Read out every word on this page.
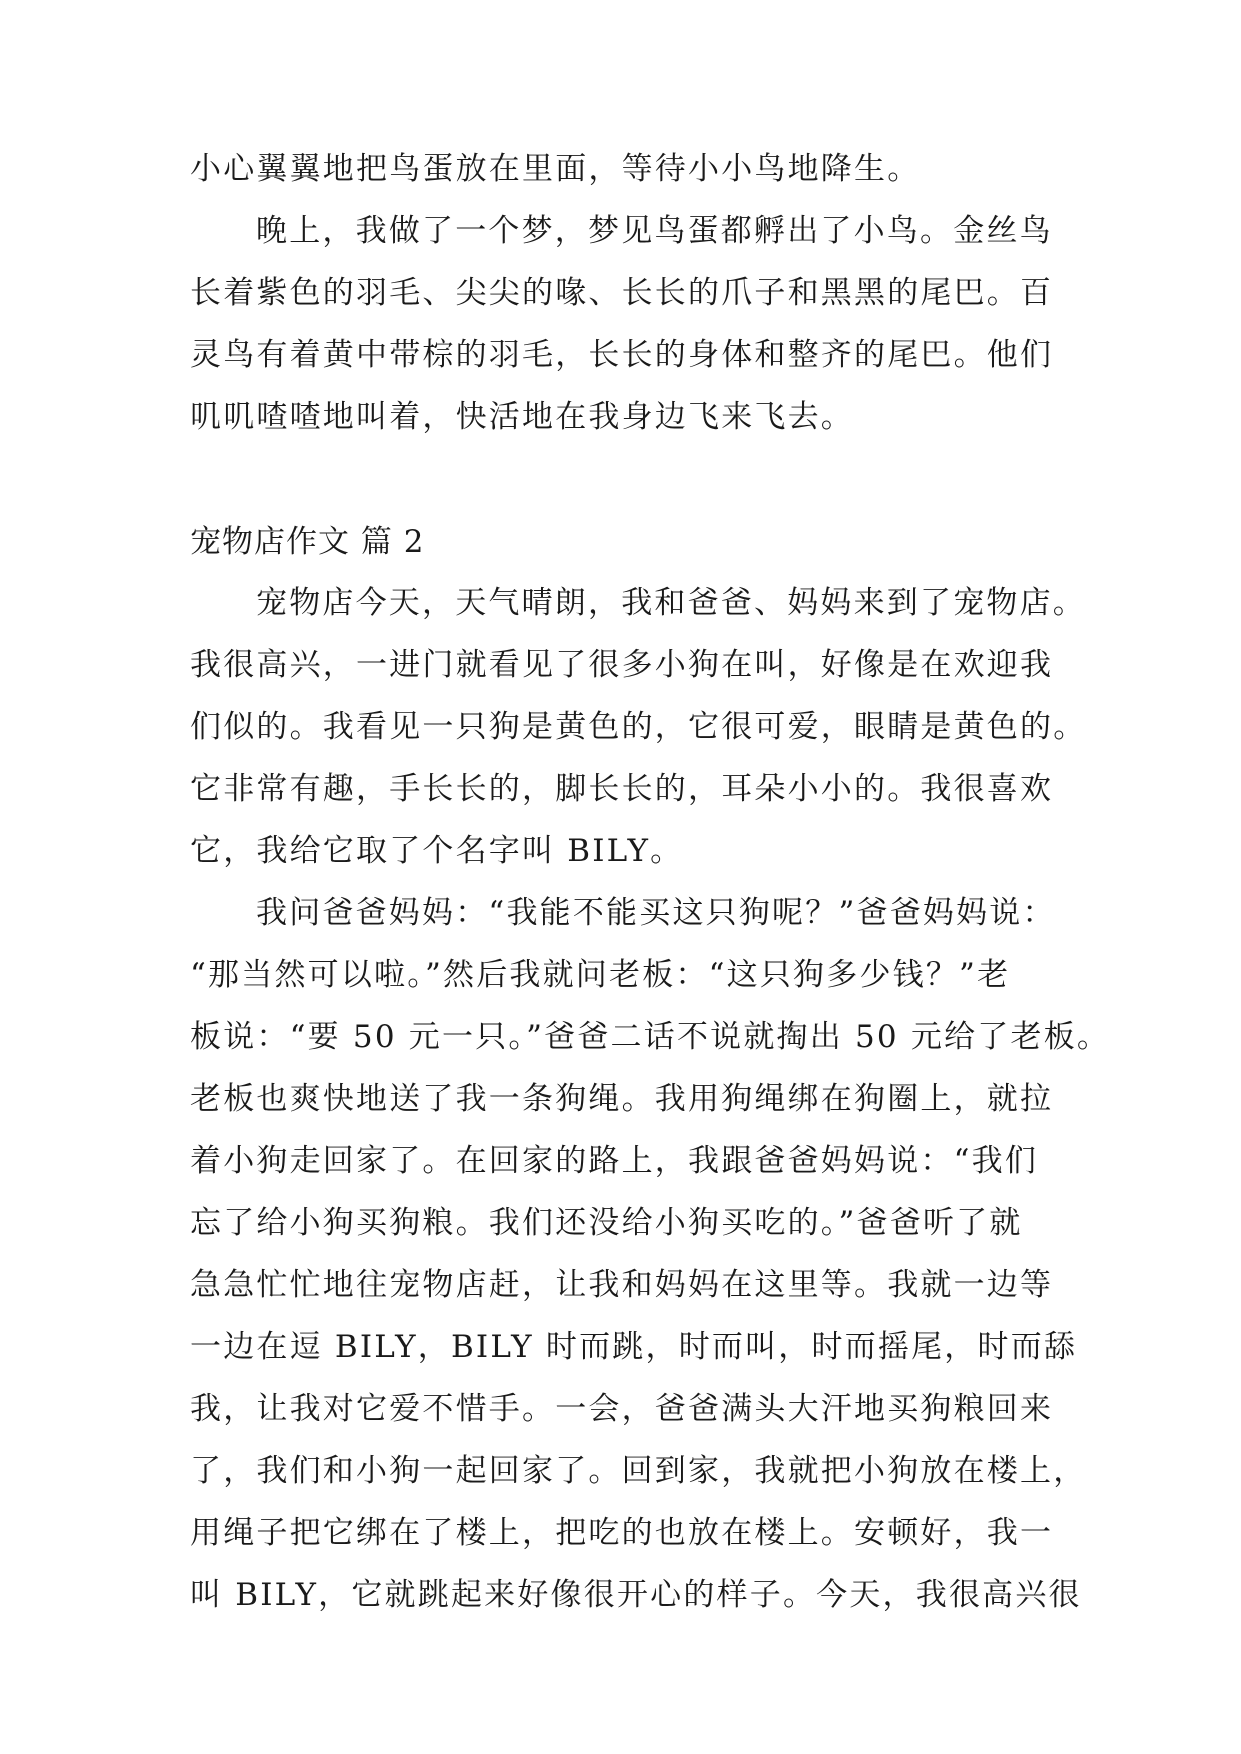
小心翼翼地把鸟蛋放在里面，等待小小鸟地降生。
晚上，我做了一个梦，梦见鸟蛋都孵出了小鸟。金丝鸟
长着紫色的羽毛、尖尖的喙、长长的爪子和黑黑的尾巴。百
灵鸟有着黄中带棕的羽毛，长长的身体和整齐的尾巴。他们
叽叽喳喳地叫着，快活地在我身边飞来飞去。
宠物店作文 篇 2
宠物店今天，天气晴朗，我和爸爸、妈妈来到了宠物店。
我很高兴，一进门就看见了很多小狗在叫，好像是在欢迎我
们似的。我看见一只狗是黄色的，它很可爱，眼睛是黄色的。
它非常有趣，手长长的，脚长长的，耳朵小小的。我很喜欢
它，我给它取了个名字叫 BILY。
我问爸爸妈妈：“我能不能买这只狗呢？”爸爸妈妈说：
“那当然可以啦。”然后我就问老板：“这只狗多少钱？”老
板说：“要 50 元一只。”爸爸二话不说就掏出 50 元给了老板。
老板也爽快地送了我一条狗绳。我用狗绳绑在狗圈上，就拉
着小狗走回家了。在回家的路上，我跟爸爸妈妈说：“我们
忘了给小狗买狗粮。我们还没给小狗买吃的。”爸爸听了就
急急忙忙地往宠物店赶，让我和妈妈在这里等。我就一边等
一边在逗 BILY，BILY 时而跳，时而叫，时而摇尾，时而舔
我，让我对它爱不惜手。一会，爸爸满头大汗地买狗粮回来
了，我们和小狗一起回家了。回到家，我就把小狗放在楼上，
用绳子把它绑在了楼上，把吃的也放在楼上。安顿好，我一
叫 BILY，它就跳起来好像很开心的样子。今天，我很高兴很
